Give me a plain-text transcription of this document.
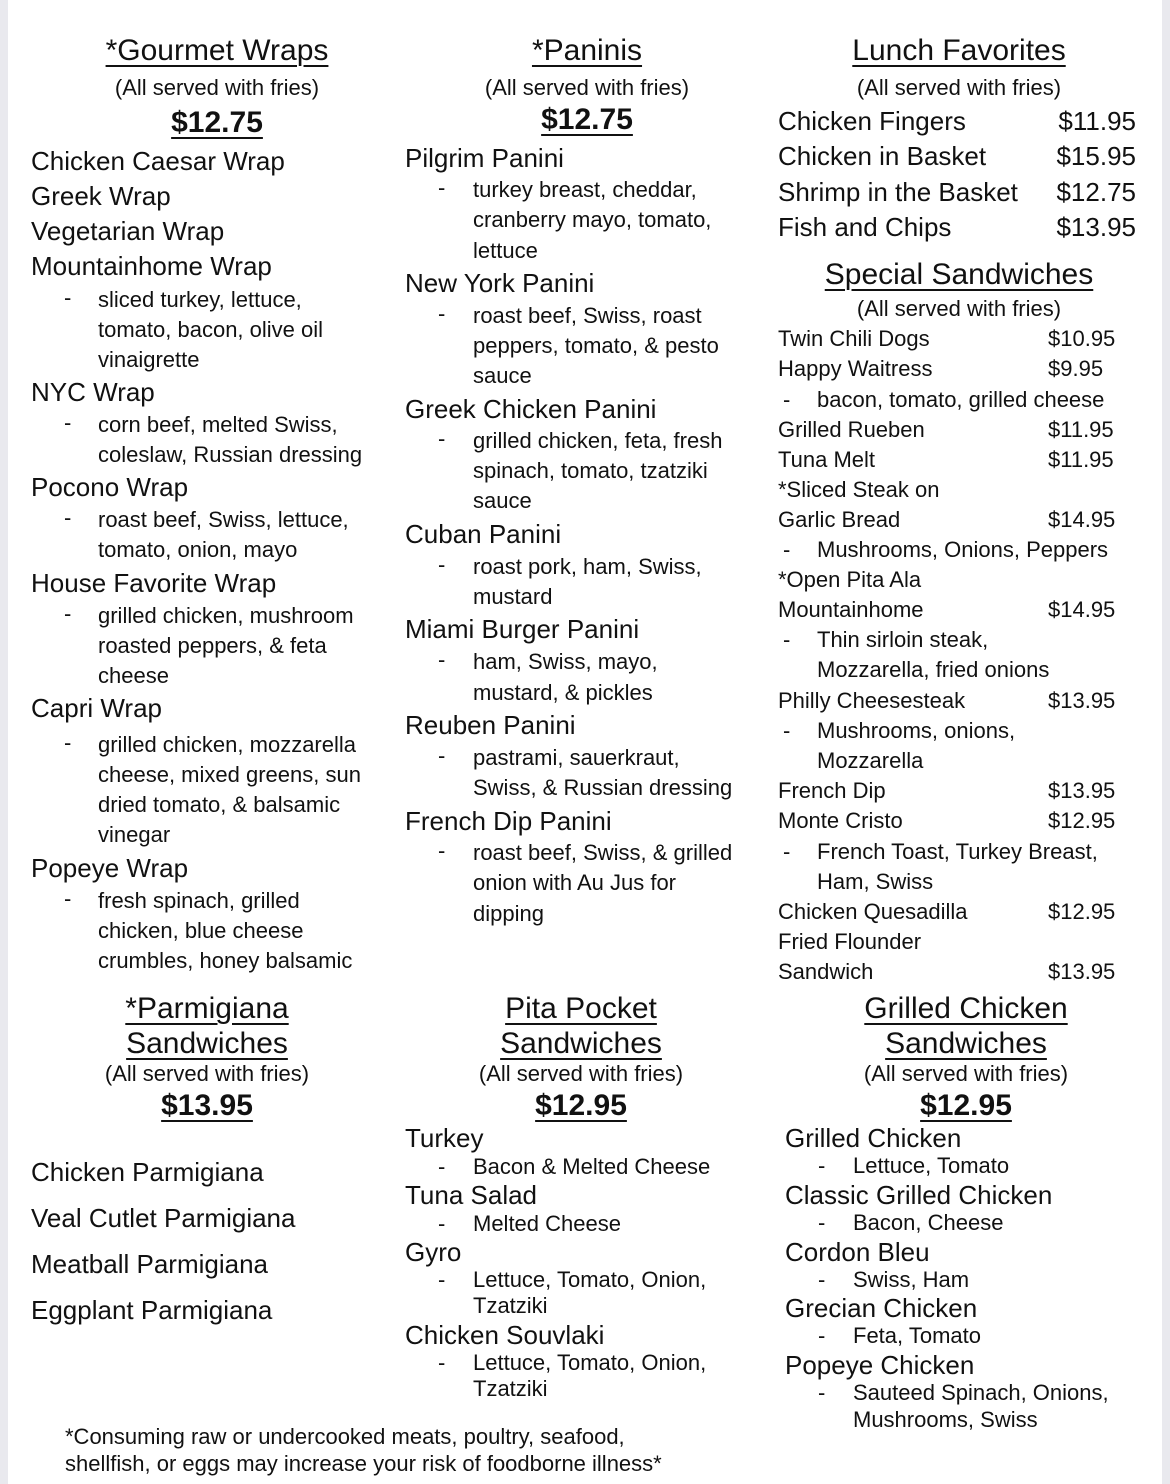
*Gourmet Wraps
(All served with fries)
$12.75
Chicken Caesar Wrap
Greek Wrap
Vegetarian Wrap
Mountainhome Wrap
- sliced turkey, lettuce,
tomato, bacon, olive oil
vinaigrette
NYC Wrap
- corn beef, melted Swiss,
coleslaw, Russian dressing
Pocono Wrap
- roast beef, Swiss, lettuce,
tomato, onion, mayo
House Favorite Wrap
- grilled chicken, mushroom
roasted peppers, & feta
cheese
Capri Wrap
- grilled chicken, mozzarella
cheese, mixed greens, sun
dried tomato, & balsamic
vinegar
Popeye Wrap
- fresh spinach, grilled
chicken, blue cheese
crumbles, honey balsamic
*Paninis
(All served with fries)
$12.75
Pilgrim Panini
- turkey breast, cheddar,
cranberry mayo, tomato,
lettuce
New York Panini
- roast beef, Swiss, roast
peppers, tomato, & pesto
sauce
Greek Chicken Panini
- grilled chicken, feta, fresh
spinach, tomato, tzatziki
sauce
Cuban Panini
- roast pork, ham, Swiss,
mustard
Miami Burger Panini
- ham, Swiss, mayo,
mustard, & pickles
Reuben Panini
- pastrami, sauerkraut,
Swiss, & Russian dressing
French Dip Panini
- roast beef, Swiss, & grilled
onion with Au Jus for
dipping
Lunch Favorites
(All served with fries)
Chicken Fingers	$11.95
Chicken in Basket	$15.95
Shrimp in the Basket $12.75
Fish and Chips	$13.95
Special Sandwiches
(All served with fries)
Twin Chili Dogs	$10.95
Happy Waitress	$9.95
- bacon, tomato, grilled cheese
Grilled Rueben	$11.95
Tuna Melt	$11.95
*Sliced Steak on
Garlic Bread	$14.95
- Mushrooms, Onions, Peppers
*Open Pita Ala
Mountainhome	$14.95
- Thin sirloin steak,
Mozzarella, fried onions
Philly Cheesesteak	$13.95
- Mushrooms, onions,
Mozzarella
French Dip	$13.95
Monte Cristo	$12.95
- French Toast, Turkey Breast,
Ham, Swiss
Chicken Quesadilla	$12.95
Fried Flounder
Sandwich	$13.95
*Parmigiana
Sandwiches
(All served with fries)
$13.95
Chicken Parmigiana
Veal Cutlet Parmigiana
Meatball Parmigiana
Eggplant Parmigiana
Pita Pocket
Sandwiches
(All served with fries)
$12.95
Turkey
- Bacon & Melted Cheese
Tuna Salad
- Melted Cheese
Gyro
- Lettuce, Tomato, Onion,
Tzatziki
Chicken Souvlaki
- Lettuce, Tomato, Onion,
Tzatziki
Grilled Chicken
Sandwiches
(All served with fries)
$12.95
Grilled Chicken
- Lettuce, Tomato
Classic Grilled Chicken
- Bacon, Cheese
Cordon Bleu
- Swiss, Ham
Grecian Chicken
- Feta, Tomato
Popeye Chicken
- Sauteed Spinach, Onions,
Mushrooms, Swiss
*Consuming raw or undercooked meats, poultry, seafood,
shellfish, or eggs may increase your risk of foodborne illness*
